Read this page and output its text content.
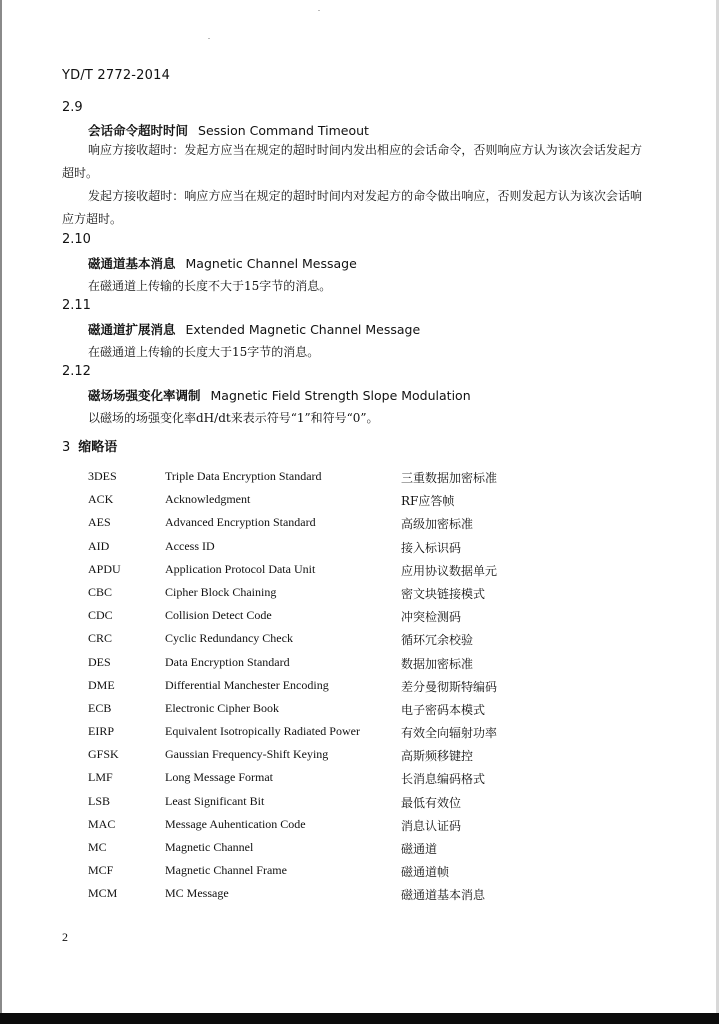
YD/T 2772-2014
2.9
会话命令超时时间 Session Command Timeout
响应方接收超时：发起方应当在规定的超时时间内发出相应的会话命令，否则响应方认为该次会话发起方超时。
发起方接收超时：响应方应当在规定的超时时间内对发起方的命令做出响应，否则发起方认为该次会话响应方超时。
2.10
磁通道基本消息 Magnetic Channel Message
在磁通道上传输的长度不大于15字节的消息。
2.11
磁通道扩展消息 Extended Magnetic Channel Message
在磁通道上传输的长度大于15字节的消息。
2.12
磁场场强变化率调制 Magnetic Field Strength Slope Modulation
以磁场的场强变化率dH/dt来表示符号“1”和符号“0”。
3 缩略语
3DES	Triple Data Encryption Standard	三重数据加密标准
ACK	Acknowledgment	RF应答帧
AES	Advanced Encryption Standard	高级加密标准
AID	Access ID	接入标识码
APDU	Application Protocol Data Unit	应用协议数据单元
CBC	Cipher Block Chaining	密文块链接模式
CDC	Collision Detect Code	冲突检测码
CRC	Cyclic Redundancy Check	循环冗余校验
DES	Data Encryption Standard	数据加密标准
DME	Differential Manchester Encoding	差分曼彻斯特编码
ECB	Electronic Cipher Book	电子密码本模式
EIRP	Equivalent Isotropically Radiated Power	有效全向辐射功率
GFSK	Gaussian Frequency-Shift Keying	高斯频移键控
LMF	Long Message Format	长消息编码格式
LSB	Least Significant Bit	最低有效位
MAC	Message Auhentication Code	消息认证码
MC	Magnetic Channel	磁通道
MCF	Magnetic Channel Frame	磁通道帧
MCM	MC Message	磁通道基本消息
2
